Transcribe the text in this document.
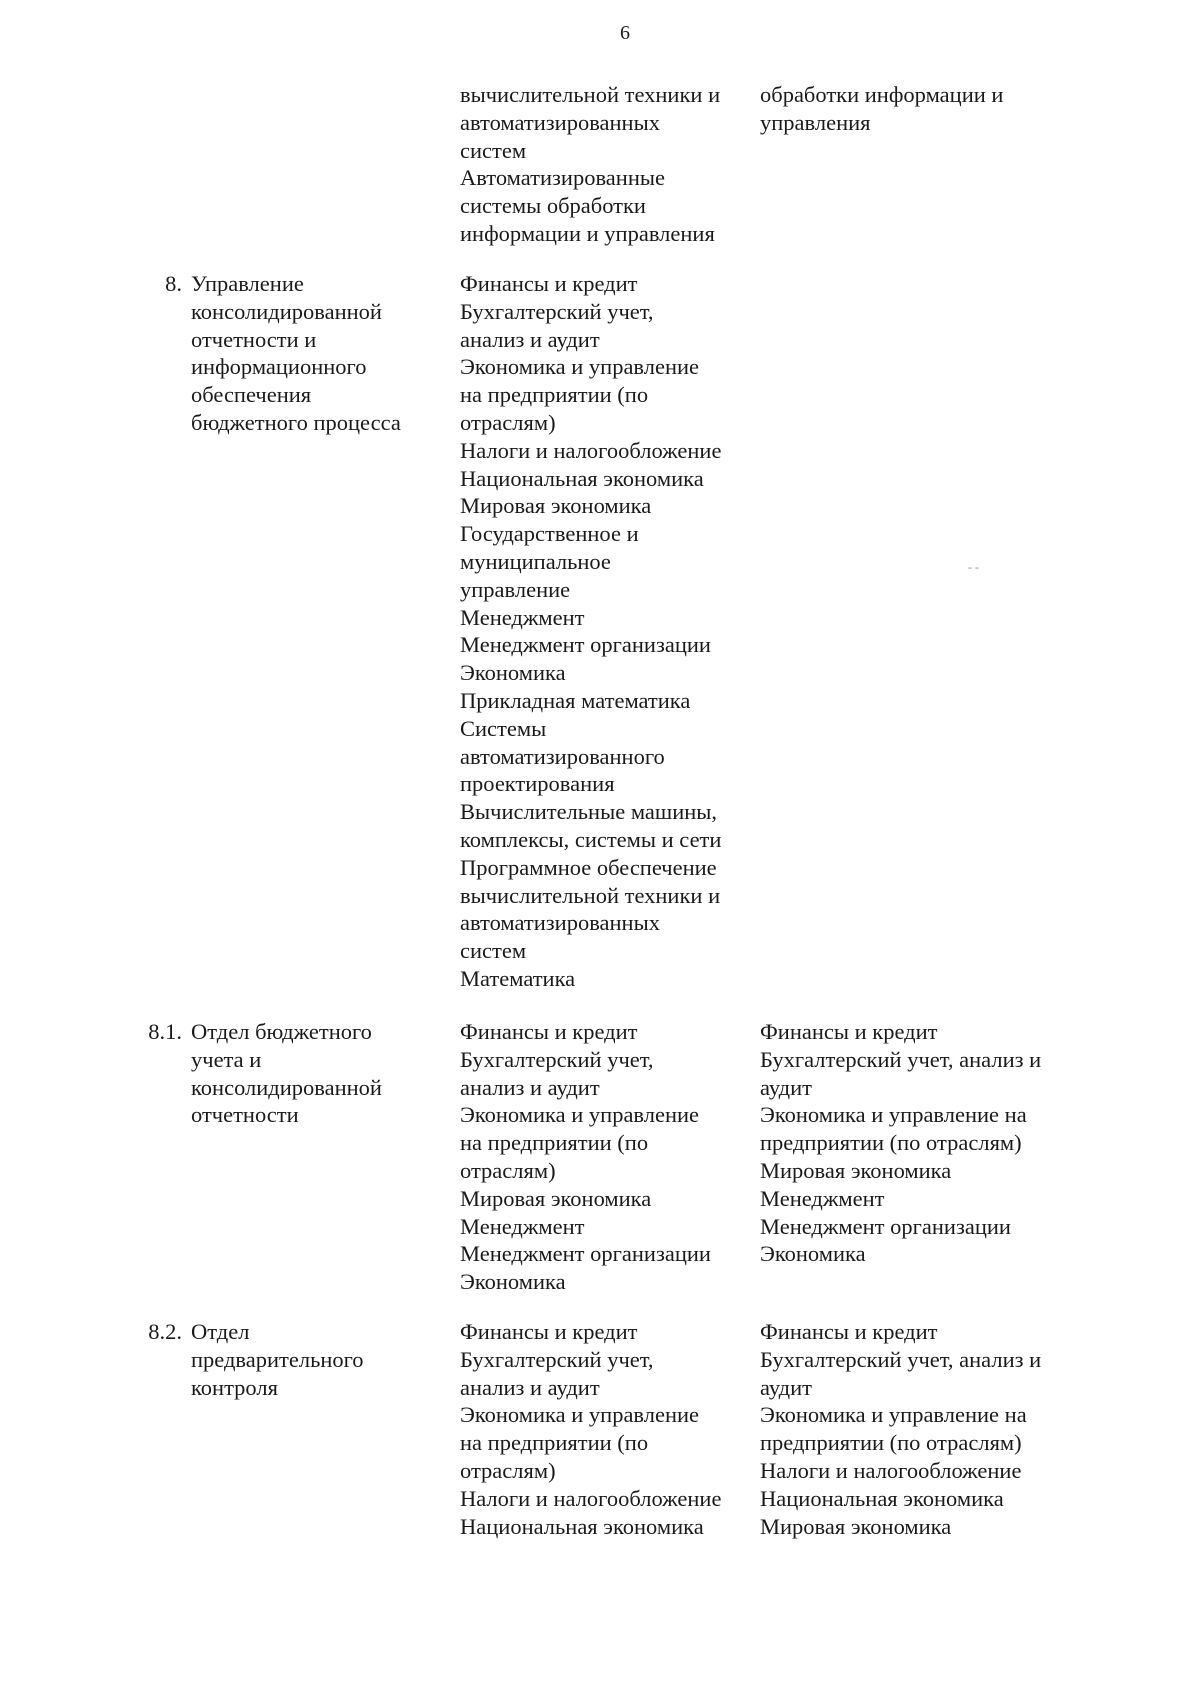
6
вычислительной техники и
автоматизированных
систем
Автоматизированные
системы обработки
информации и управления
обработки информации и
управления
8. Управление
консолидированной
отчетности и
информационного
обеспечения
бюджетного процесса
Финансы и кредит
Бухгалтерский учет,
анализ и аудит
Экономика и управление
на предприятии (по
отраслям)
Налоги и налогообложение
Национальная экономика
Мировая экономика
Государственное и
муниципальное
управление
Менеджмент
Менеджмент организации
Экономика
Прикладная математика
Системы
автоматизированного
проектирования
Вычислительные машины,
комплексы, системы и сети
Программное обеспечение
вычислительной техники и
автоматизированных
систем
Математика
8.1. Отдел бюджетного
учета и
консолидированной
отчетности
Финансы и кредит
Бухгалтерский учет,
анализ и аудит
Экономика и управление
на предприятии (по
отраслям)
Мировая экономика
Менеджмент
Менеджмент организации
Экономика
Финансы и кредит
Бухгалтерский учет, анализ и
аудит
Экономика и управление на
предприятии (по отраслям)
Мировая экономика
Менеджмент
Менеджмент организации
Экономика
8.2. Отдел
предварительного
контроля
Финансы и кредит
Бухгалтерский учет,
анализ и аудит
Экономика и управление
на предприятии (по
отраслям)
Налоги и налогообложение
Национальная экономика
Финансы и кредит
Бухгалтерский учет, анализ и
аудит
Экономика и управление на
предприятии (по отраслям)
Налоги и налогообложение
Национальная экономика
Мировая экономика
- -
